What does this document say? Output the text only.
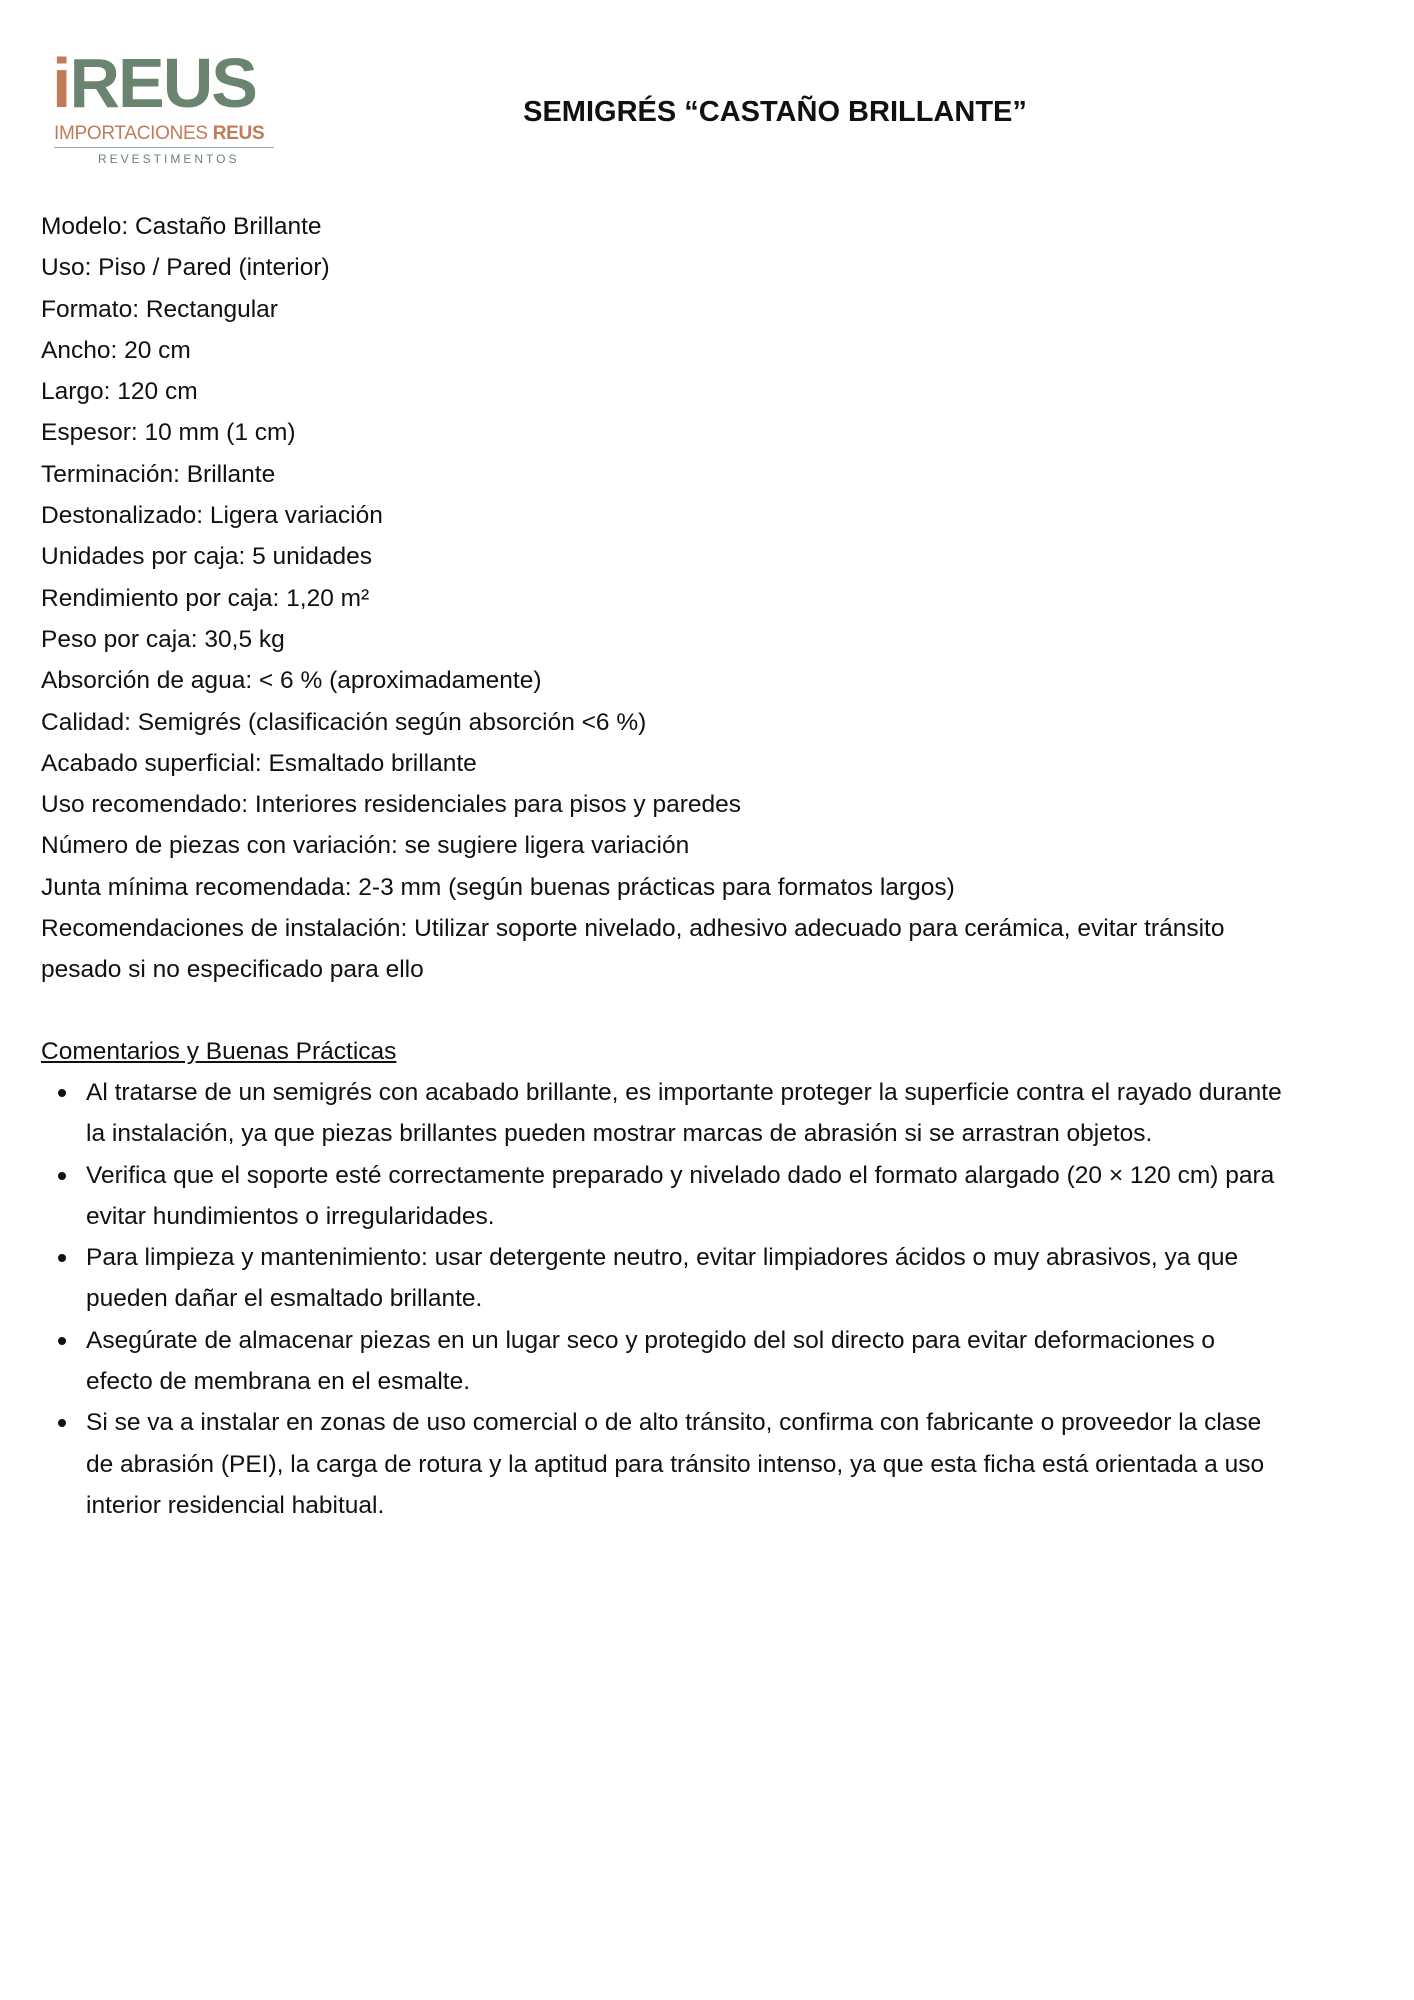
iREUS
IMPORTACIONES REUS
REVESTIMENTOS
SEMIGRÉS “CASTAÑO BRILLANTE”
Modelo: Castaño Brillante
Uso: Piso / Pared (interior)
Formato: Rectangular
Ancho: 20 cm
Largo: 120 cm
Espesor: 10 mm (1 cm)
Terminación: Brillante
Destonalizado: Ligera variación
Unidades por caja: 5 unidades
Rendimiento por caja: 1,20 m²
Peso por caja: 30,5 kg
Absorción de agua: < 6 % (aproximadamente)
Calidad: Semigrés (clasificación según absorción <6 %)
Acabado superficial: Esmaltado brillante
Uso recomendado: Interiores residenciales para pisos y paredes
Número de piezas con variación: se sugiere ligera variación
Junta mínima recomendada: 2-3 mm (según buenas prácticas para formatos largos)
Recomendaciones de instalación: Utilizar soporte nivelado, adhesivo adecuado para cerámica, evitar tránsito pesado si no especificado para ello
Comentarios y Buenas Prácticas
Al tratarse de un semigrés con acabado brillante, es importante proteger la superficie contra el rayado durante la instalación, ya que piezas brillantes pueden mostrar marcas de abrasión si se arrastran objetos.
Verifica que el soporte esté correctamente preparado y nivelado dado el formato alargado (20 × 120 cm) para evitar hundimientos o irregularidades.
Para limpieza y mantenimiento: usar detergente neutro, evitar limpiadores ácidos o muy abrasivos, ya que pueden dañar el esmaltado brillante.
Asegúrate de almacenar piezas en un lugar seco y protegido del sol directo para evitar deformaciones o efecto de membrana en el esmalte.
Si se va a instalar en zonas de uso comercial o de alto tránsito, confirma con fabricante o proveedor la clase de abrasión (PEI), la carga de rotura y la aptitud para tránsito intenso, ya que esta ficha está orientada a uso interior residencial habitual.
